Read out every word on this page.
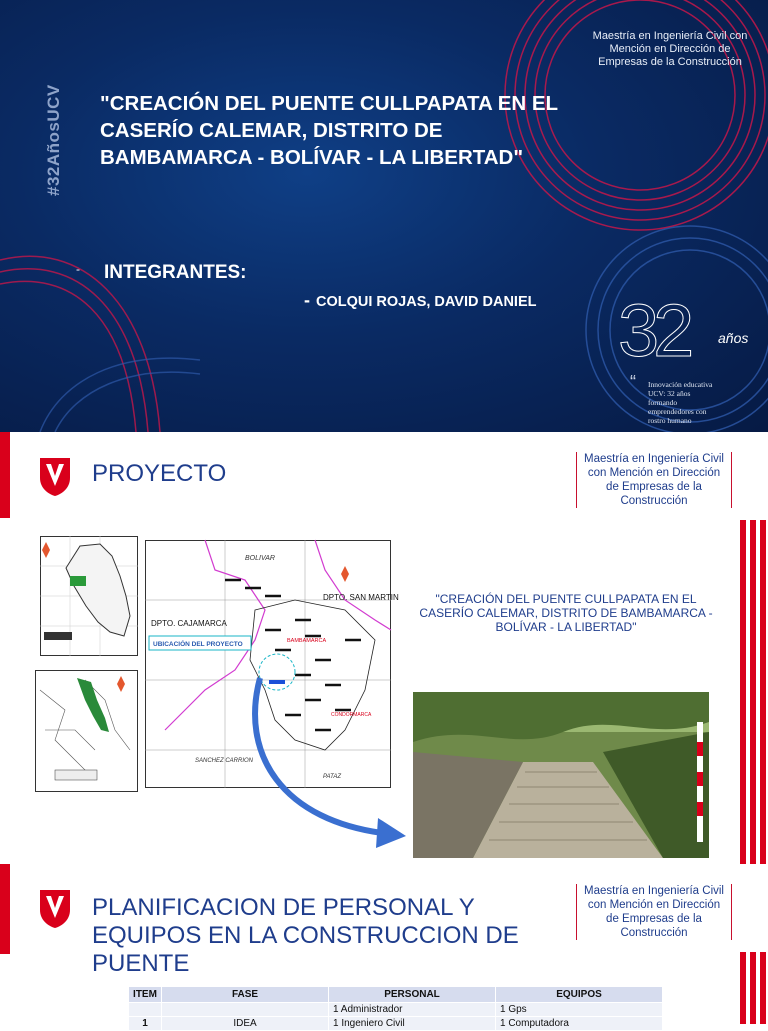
#32AñosUCV
Maestría en Ingeniería Civil con Mención en Dirección de Empresas de la Construcción
"CREACIÓN DEL PUENTE CULLPAPATA EN EL CASERÍO CALEMAR, DISTRITO DE BAMBAMARCA - BOLÍVAR - LA LIBERTAD"
- INTEGRANTES:
- COLQUI ROJAS, DAVID DANIEL 32 años
“ Innovación educativa
UCV: 32 años
formando
emprendedores con
rostro humano
PROYECTO
Maestría en Ingeniería Civil con Mención en Dirección de Empresas de la Construcción
BOLIVAR
DPTO. SAN MARTIN
DPTO. CAJAMARCA
UBICACIÓN DEL PROYECTO	BAMBAMARCA
CONDORMARCA
SANCHEZ CARRION
PATAZ
"CREACIÓN DEL PUENTE CULLPAPATA EN EL CASERÍO CALEMAR, DISTRITO DE BAMBAMARCA - BOLÍVAR - LA LIBERTAD"
PLANIFICACION DE PERSONAL Y EQUIPOS EN LA CONSTRUCCION DE PUENTE
Maestría en Ingeniería Civil con Mención en Dirección de Empresas de la Construcción
ITEM	FASE	PERSONAL	EQUIPOS
		1 Administrador	1 Gps
1	IDEA	1 Ingeniero Civil	1 Computadora
